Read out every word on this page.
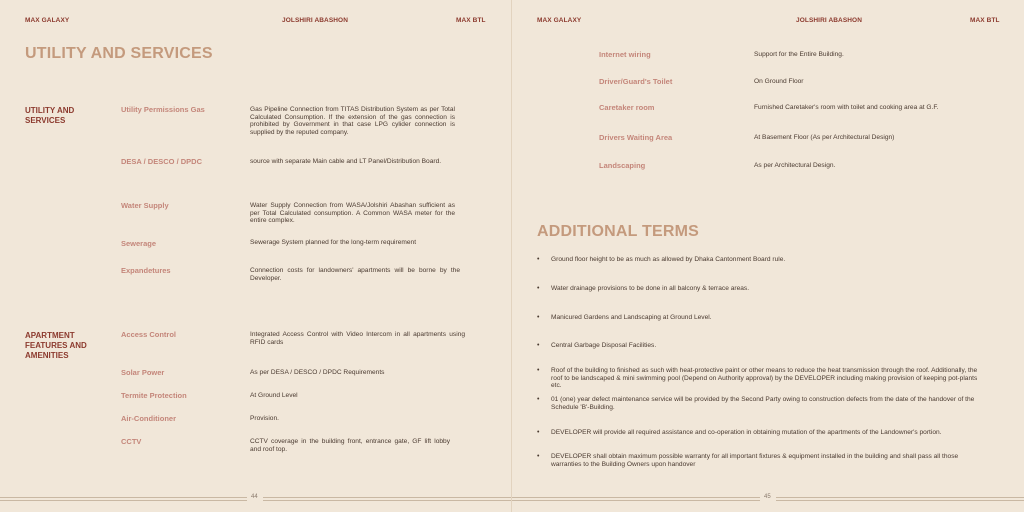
MAX GALAXY	JOLSHIRI ABASHON	MAX BTL
UTILITY AND SERVICES
UTILITY AND SERVICES
Utility Permissions Gas	Gas Pipeline Connection from TITAS Distribution System as per Total Calculated Consumption. If the extension of the gas connection is prohibited by Government in that case LPG cylider connection is supplied by the reputed company.
DESA / DESCO / DPDC	source with separate Main cable and LT Panel/Distribution Board.
Water Supply	Water Supply Connection from WASA/Jolshiri Abashan sufficient as per Total Calculated consumption. A Common WASA meter for the entire complex.
Sewerage	Sewerage System planned for the long-term requirement
Expandetures	Connection costs for landowners' apartments will be borne by the Developer.
APARTMENT FEATURES AND AMENITIES
Access Control	Integrated Access Control with Video Intercom in all apartments using RFID cards
Solar Power	As per DESA / DESCO / DPDC Requirements
Termite Protection	At Ground Level
Air-Conditioner	Provision.
CCTV	CCTV coverage in the building front, entrance gate, GF lift lobby and roof top.
44
MAX GALAXY	JOLSHIRI ABASHON	MAX BTL
Internet wiring	Support for the Entire Building.
Driver/Guard's Toilet	On Ground Floor
Caretaker room	Furnished Caretaker's room with toilet and cooking area at G.F.
Drivers Waiting Area	At Basement Floor (As per Architectural Design)
Landscaping	As per Architectural Design.
ADDITIONAL TERMS
• Ground floor height to be as much as allowed by Dhaka Cantonment Board rule.
• Water drainage provisions to be done in all balcony & terrace areas.
• Manicured Gardens and Landscaping at Ground Level.
• Central Garbage Disposal Facilities.
• Roof of the building to finished as such with heat-protective paint or other means to reduce the heat transmission through the roof. Additionally, the roof to be landscaped & mini swimming pool (Depend on Authority approval) by the DEVELOPER including making provision of keeping pot-plants etc.
• 01 (one) year defect maintenance service will be provided by the Second Party owing to construction defects from the date of the handover of the Schedule 'B'-Building.
• DEVELOPER will provide all required assistance and co-operation in obtaining mutation of the apartments of the Landowner's portion.
• DEVELOPER shall obtain maximum possible warranty for all important fixtures & equipment installed in the building and shall pass all those warranties to the Building Owners upon handover
45
